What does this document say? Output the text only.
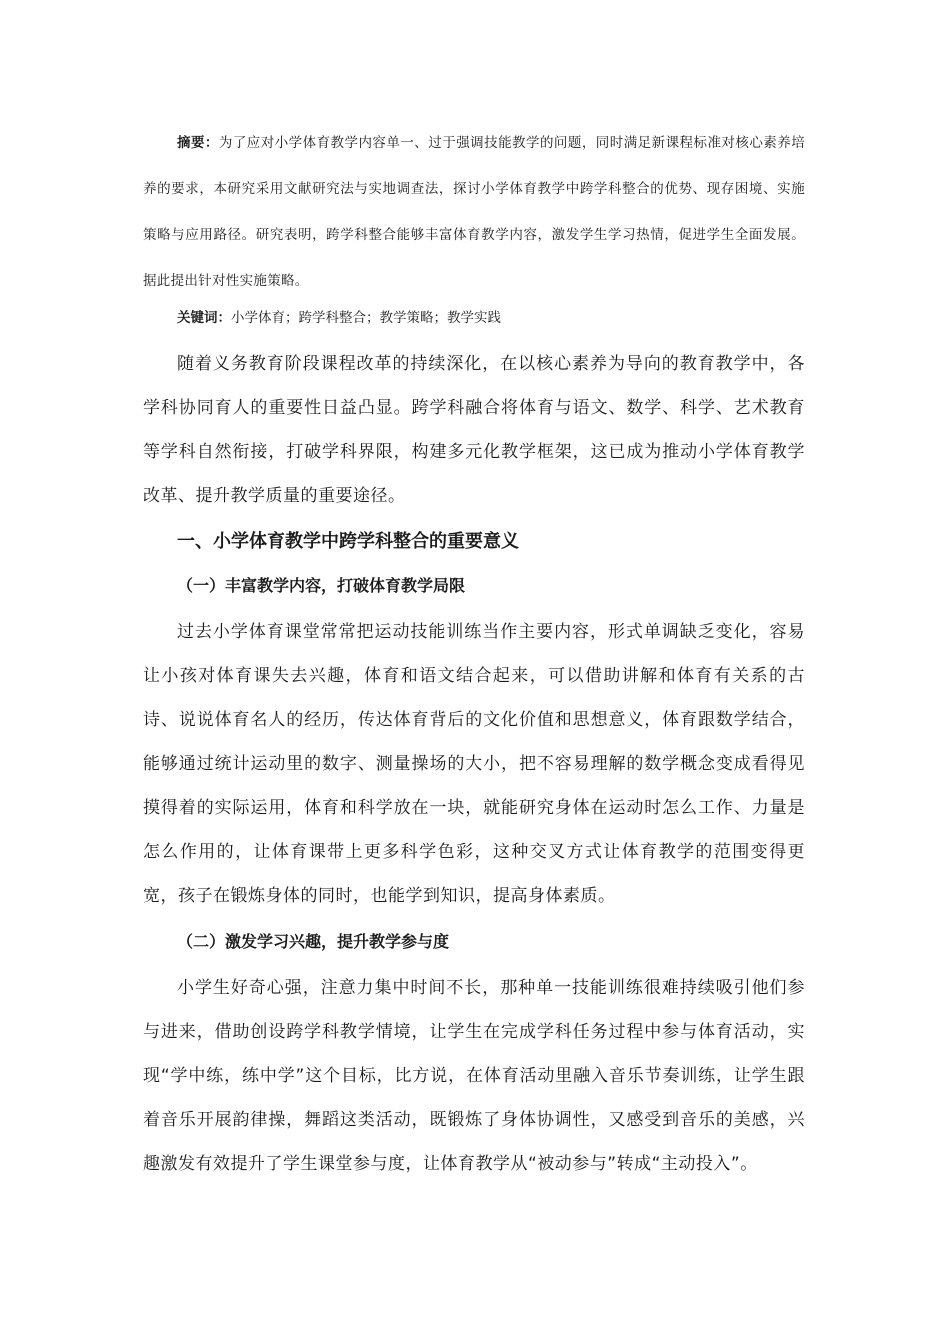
摘要：为了应对小学体育教学内容单一、过于强调技能教学的问题，同时满足新课程标准对核心素养培养的要求，本研究采用文献研究法与实地调查法，探讨小学体育教学中跨学科整合的优势、现存困境、实施策略与应用路径。研究表明，跨学科整合能够丰富体育教学内容，激发学生学习热情，促进学生全面发展。据此提出针对性实施策略。

关键词：小学体育；跨学科整合；教学策略；教学实践

随着义务教育阶段课程改革的持续深化，在以核心素养为导向的教育教学中，各学科协同育人的重要性日益凸显。跨学科融合将体育与语文、数学、科学、艺术教育等学科自然衔接，打破学科界限，构建多元化教学框架，这已成为推动小学体育教学改革、提升教学质量的重要途径。

一、小学体育教学中跨学科整合的重要意义

（一）丰富教学内容，打破体育教学局限

过去小学体育课堂常常把运动技能训练当作主要内容，形式单调缺乏变化，容易让小孩对体育课失去兴趣，体育和语文结合起来，可以借助讲解和体育有关系的古诗、说说体育名人的经历，传达体育背后的文化价值和思想意义，体育跟数学结合，能够通过统计运动里的数字、测量操场的大小，把不容易理解的数学概念变成看得见摸得着的实际运用，体育和科学放在一块，就能研究身体在运动时怎么工作、力量是怎么作用的，让体育课带上更多科学色彩，这种交叉方式让体育教学的范围变得更宽，孩子在锻炼身体的同时，也能学到知识，提高身体素质。

（二）激发学习兴趣，提升教学参与度

小学生好奇心强，注意力集中时间不长，那种单一技能训练很难持续吸引他们参与进来，借助创设跨学科教学情境，让学生在完成学科任务过程中参与体育活动，实现“学中练，练中学”这个目标，比方说，在体育活动里融入音乐节奏训练，让学生跟着音乐开展韵律操，舞蹈这类活动，既锻炼了身体协调性，又感受到音乐的美感，兴趣激发有效提升了学生课堂参与度，让体育教学从“被动参与”转成“主动投入”。
